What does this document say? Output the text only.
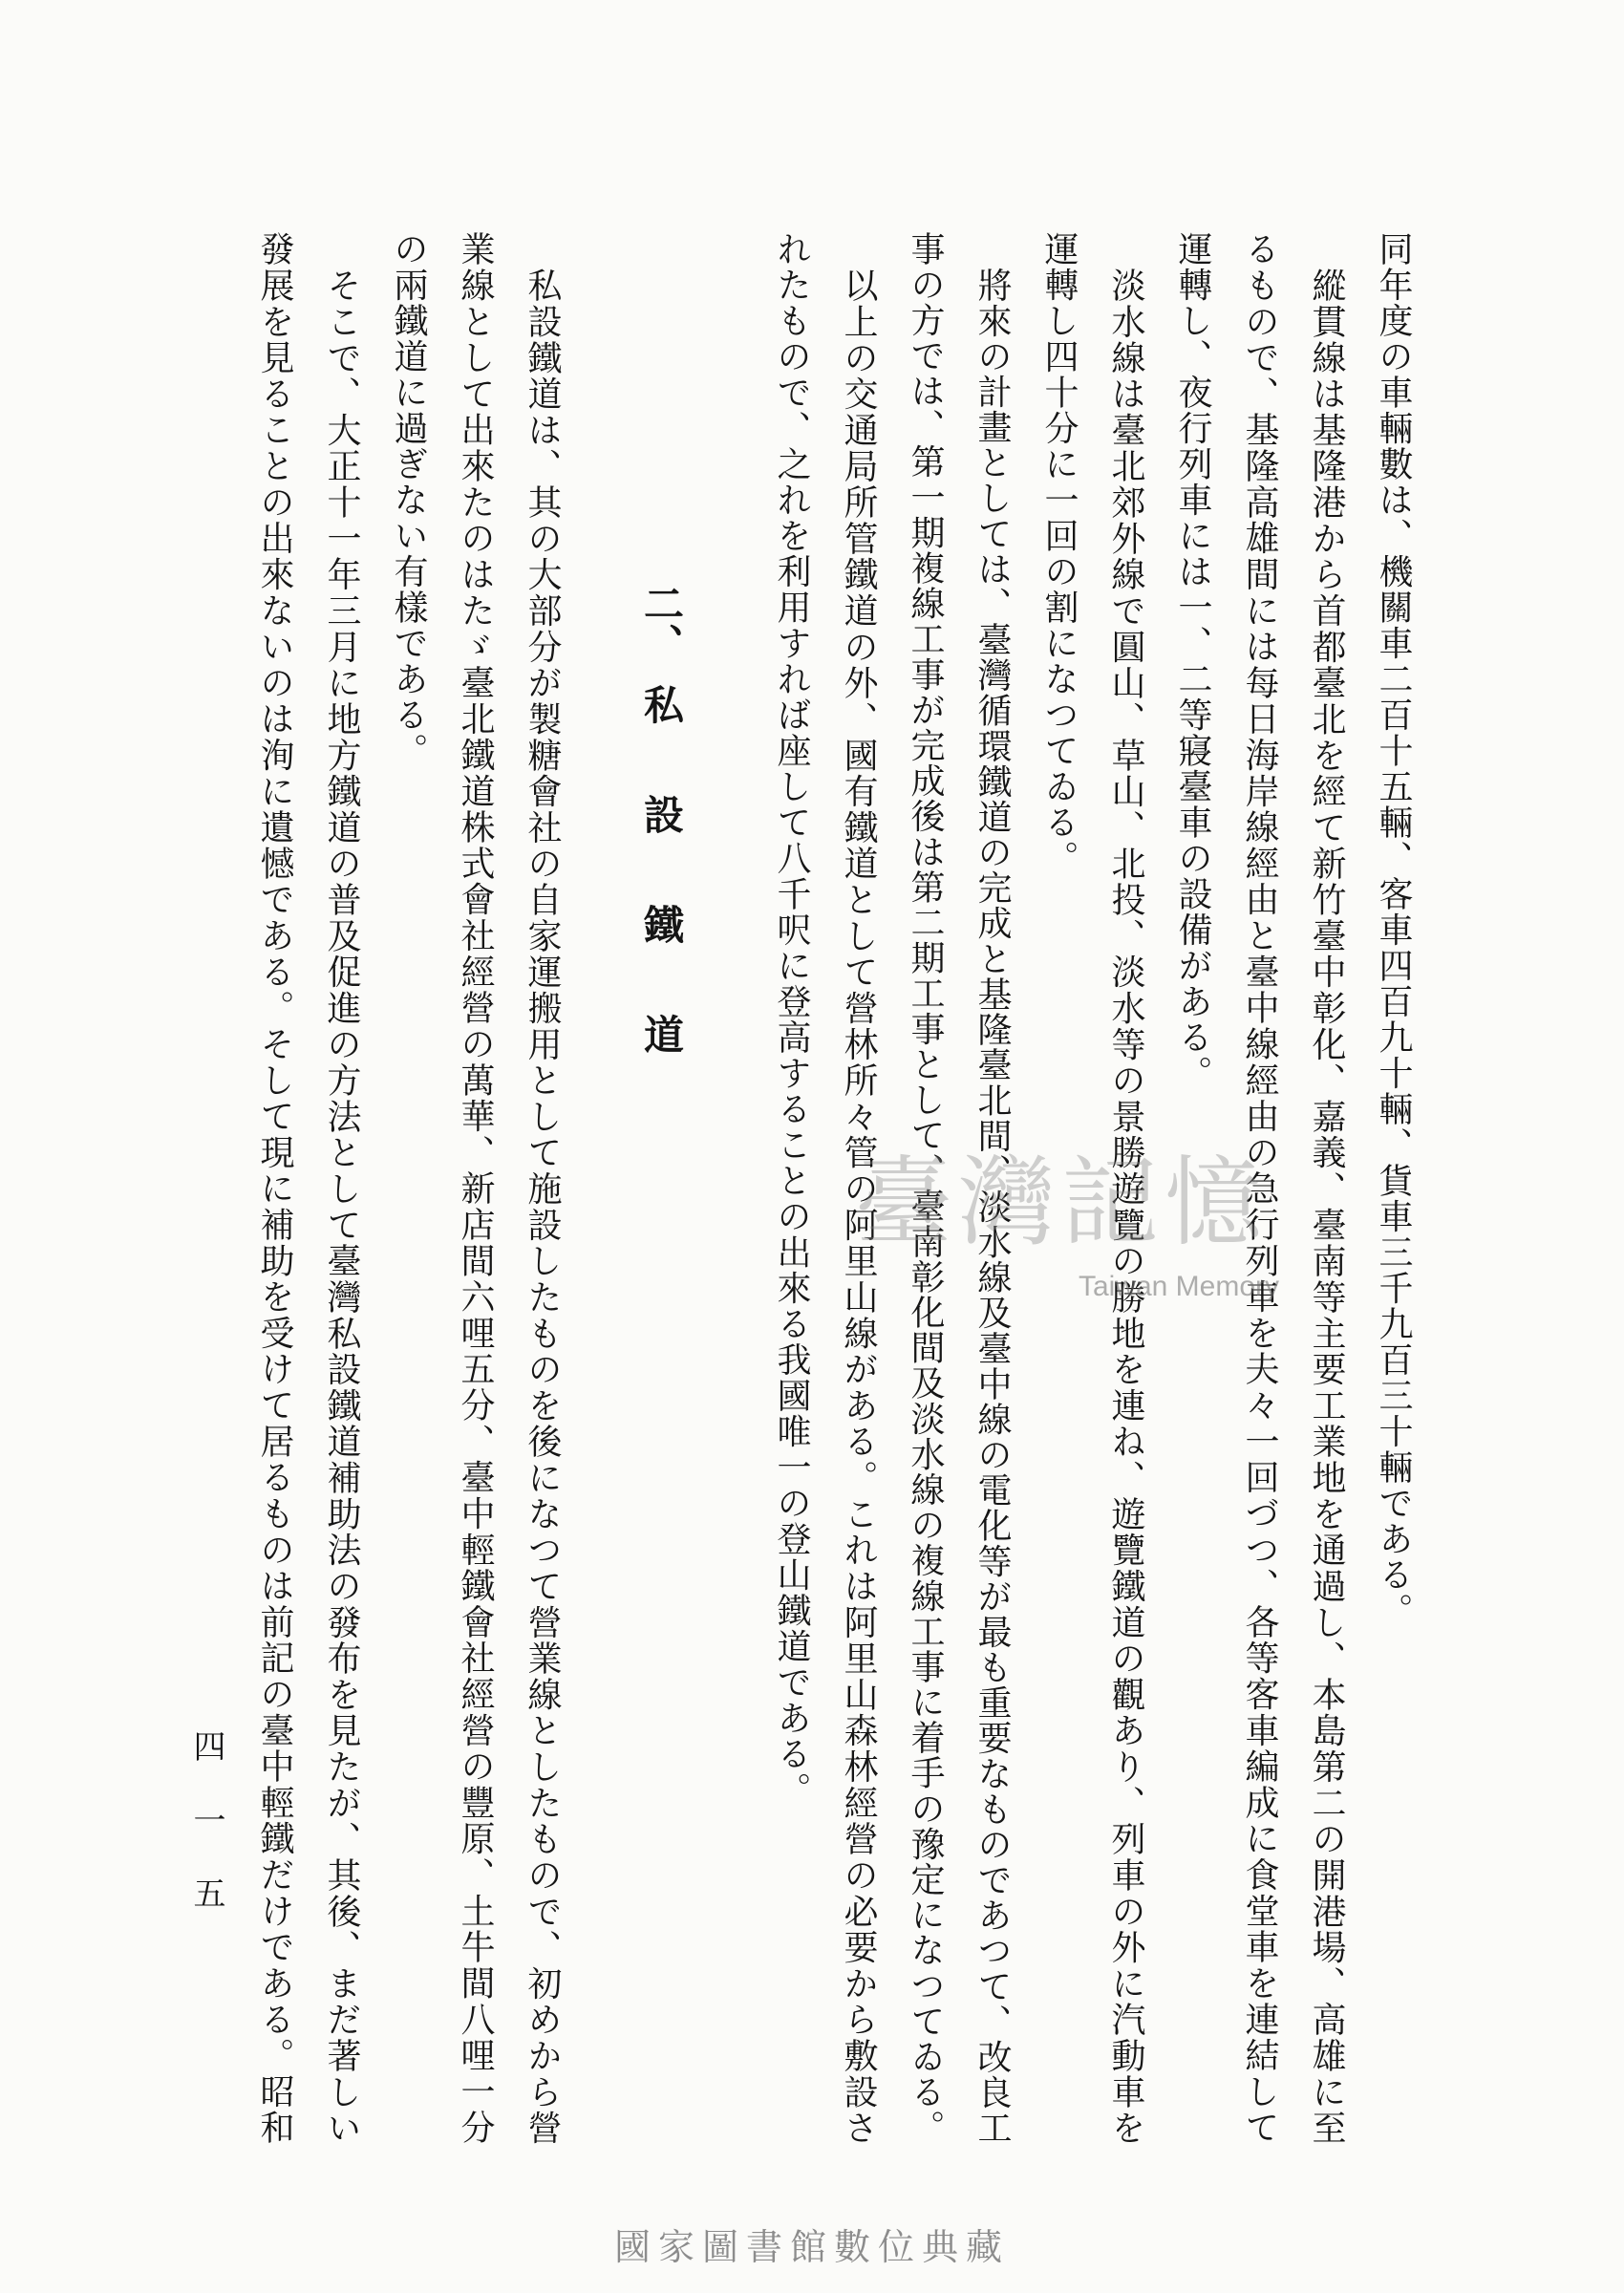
同年度の車輛數は、機關車二百十五輛、客車四百九十輛、貨車三千九百三十輛である。
縱貫線は基隆港から首都臺北を經て新竹臺中彰化、嘉義、臺南等主要工業地を通過し、本島第二の開港場、高雄に至
るもので、基隆高雄間には每日海岸線經由と臺中線經由の急行列車を夫々一回づつ、各等客車編成に食堂車を連結して
運轉し、夜行列車には一、二等寢臺車の設備がある。
淡水線は臺北郊外線で圓山、草山、北投、淡水等の景勝遊覽の勝地を連ね、遊覽鐵道の觀あり、列車の外に汽動車を
運轉し四十分に一回の割になつてゐる。
將來の計畫としては、臺灣循環鐵道の完成と基隆臺北間、淡水線及臺中線の電化等が最も重要なものであつて、改良工
事の方では、第一期複線工事が完成後は第二期工事として、臺南彰化間及淡水線の複線工事に着手の豫定になつてゐる。
以上の交通局所管鐵道の外、國有鐵道として營林所々管の阿里山線がある。これは阿里山森林經營の必要から敷設さ
れたもので、之れを利用すれば座して八千呎に登高することの出來る我國唯一の登山鐵道である。
二、私設鐵道
私設鐵道は、其の大部分が製糖會社の自家運搬用として施設したものを後になつて營業線としたもので、初めから營
業線として出來たのはたゞ臺北鐵道株式會社經營の萬華、新店間六哩五分、臺中輕鐵會社經營の豐原、土牛間八哩一分
の兩鐵道に過ぎない有樣である。
そこで、大正十一年三月に地方鐵道の普及促進の方法として臺灣私設鐵道補助法の發布を見たが、其後、まだ著しい
發展を見ることの出來ないのは洵に遺憾である。そして現に補助を受けて居るものは前記の臺中輕鐵だけである。昭和
四一五
臺灣記憶
Taiwan Memory
國家圖書館數位典藏
